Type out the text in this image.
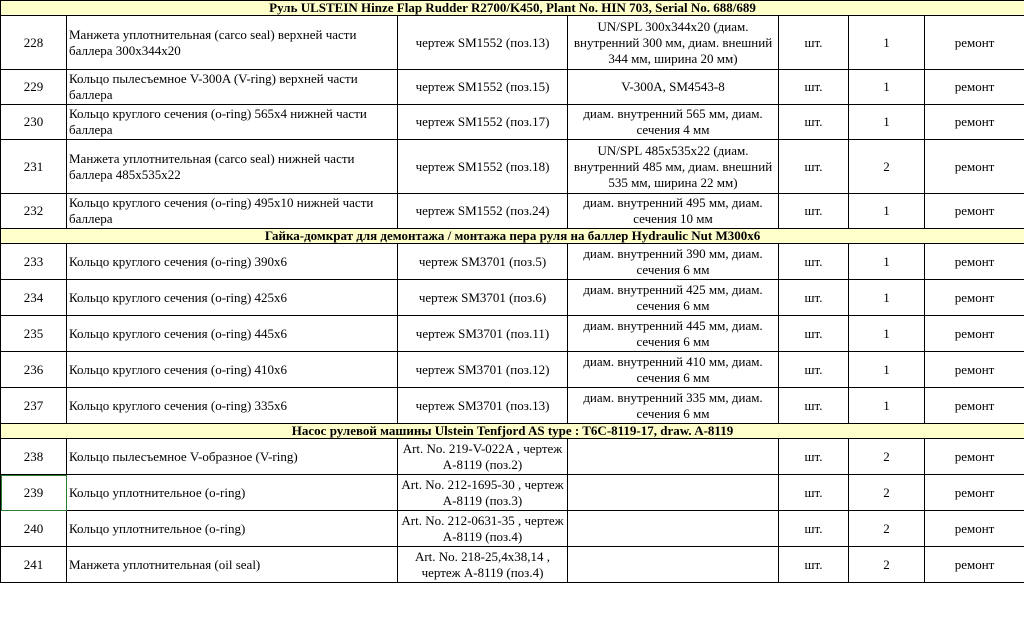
Руль ULSTEIN Hinze Flap Rudder R2700/K450, Plant No. HIN 703, Serial No. 688/689						
228	Манжета уплотнительная (carco seal) верхней части баллера 300х344х20	чертеж SM1552 (поз.13)	UN/SPL 300x344x20 (диам. внутренний 300 мм, диам. внешний 344 мм, ширина 20 мм)	шт.	1	ремонт
229	Кольцо пылесъемное V-300A (V-ring) верхней части баллера	чертеж SM1552 (поз.15)	V-300A, SM4543-8	шт.	1	ремонт
230	Кольцо круглого сечения (o-ring) 565х4 нижней части баллера	чертеж SM1552 (поз.17)	диам. внутренний 565 мм, диам. сечения 4 мм	шт.	1	ремонт
231	Манжета уплотнительная (carco seal) нижней части баллера 485х535х22	чертеж SM1552 (поз.18)	UN/SPL 485x535x22 (диам. внутренний 485 мм, диам. внешний 535 мм, ширина 22 мм)	шт.	2	ремонт
232	Кольцо круглого сечения (o-ring) 495х10 нижней части баллера	чертеж SM1552 (поз.24)	диам. внутренний 495 мм, диам. сечения 10 мм	шт.	1	ремонт
Гайка-домкрат для демонтажа / монтажа пера руля на баллер Hydraulic Nut M300x6						
233	Кольцо круглого сечения (o-ring) 390х6	чертеж SM3701 (поз.5)	диам. внутренний 390 мм, диам. сечения 6 мм	шт.	1	ремонт
234	Кольцо круглого сечения (o-ring) 425х6	чертеж SM3701 (поз.6)	диам. внутренний 425 мм, диам. сечения 6 мм	шт.	1	ремонт
235	Кольцо круглого сечения (o-ring) 445х6	чертеж SM3701 (поз.11)	диам. внутренний 445 мм, диам. сечения 6 мм	шт.	1	ремонт
236	Кольцо круглого сечения (o-ring) 410х6	чертеж SM3701 (поз.12)	диам. внутренний 410 мм, диам. сечения 6 мм	шт.	1	ремонт
237	Кольцо круглого сечения (o-ring) 335х6	чертеж SM3701 (поз.13)	диам. внутренний 335 мм, диам. сечения 6 мм	шт.	1	ремонт
Насос рулевой машины Ulstein Tenfjord AS type : T6C-8119-17, draw. A-8119						
238	Кольцо пылесъемное V-образное (V-ring)	Art. No. 219-V-022A , чертеж A-8119 (поз.2)		шт.	2	ремонт
239	Кольцо уплотнительное (o-ring)	Art. No. 212-1695-30 , чертеж A-8119 (поз.3)		шт.	2	ремонт
240	Кольцо уплотнительное (o-ring)	Art. No. 212-0631-35 , чертеж A-8119 (поз.4)		шт.	2	ремонт
241	Манжета уплотнительная (oil seal)	Art. No. 218-25,4x38,14 , чертеж A-8119 (поз.4)		шт.	2	ремонт
